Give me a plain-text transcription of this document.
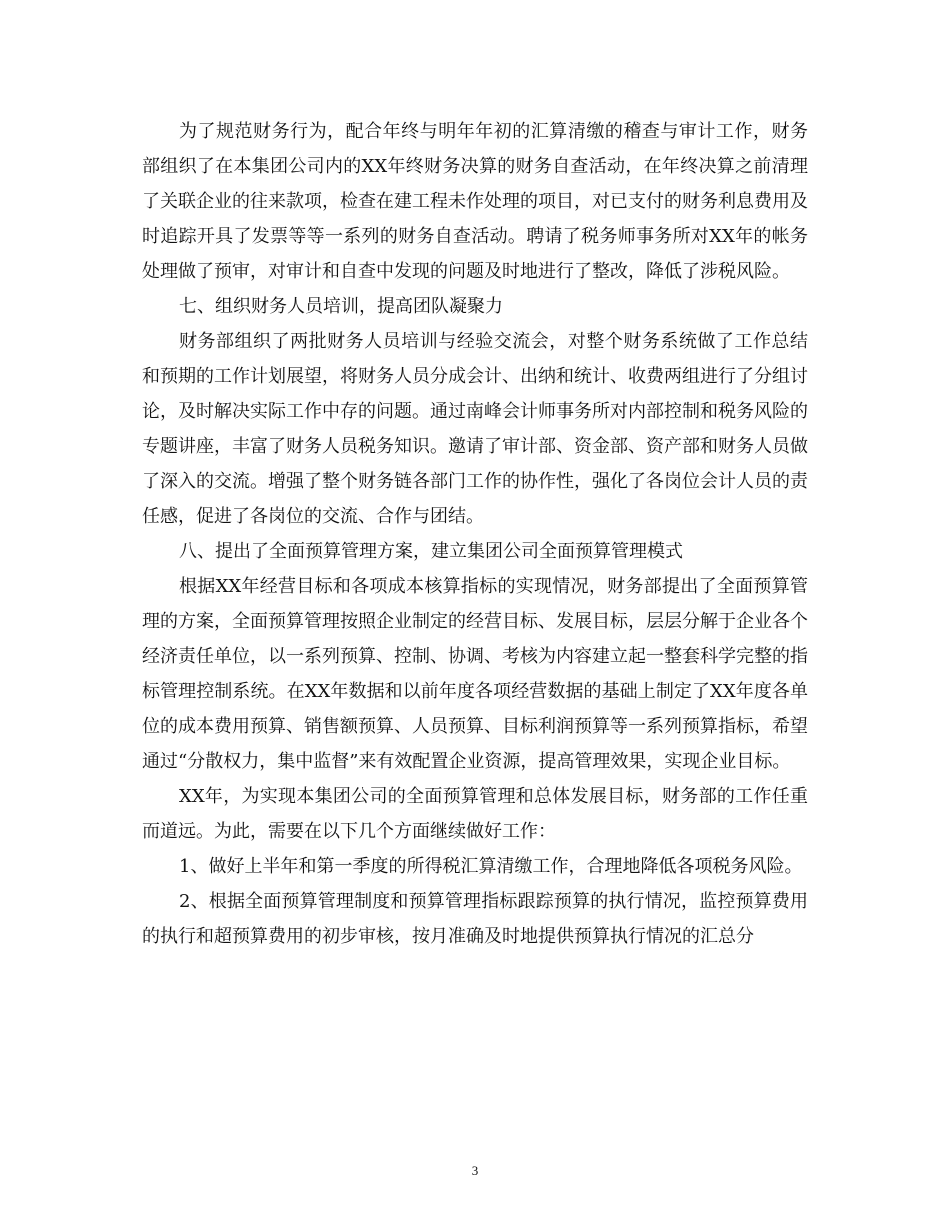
为了规范财务行为，配合年终与明年年初的汇算清缴的稽查与审计工作，财务部组织了在本集团公司内的XX年终财务决算的财务自查活动，在年终决算之前清理了关联企业的往来款项，检查在建工程未作处理的项目，对已支付的财务利息费用及时追踪开具了发票等等一系列的财务自查活动。聘请了税务师事务所对XX年的帐务处理做了预审，对审计和自查中发现的问题及时地进行了整改，降低了涉税风险。

七、组织财务人员培训，提高团队凝聚力

财务部组织了两批财务人员培训与经验交流会，对整个财务系统做了工作总结和预期的工作计划展望，将财务人员分成会计、出纳和统计、收费两组进行了分组讨论，及时解决实际工作中存的问题。通过南峰会计师事务所对内部控制和税务风险的专题讲座，丰富了财务人员税务知识。邀请了审计部、资金部、资产部和财务人员做了深入的交流。增强了整个财务链各部门工作的协作性，强化了各岗位会计人员的责任感，促进了各岗位的交流、合作与团结。

八、提出了全面预算管理方案，建立集团公司全面预算管理模式

根据XX年经营目标和各项成本核算指标的实现情况，财务部提出了全面预算管理的方案，全面预算管理按照企业制定的经营目标、发展目标，层层分解于企业各个经济责任单位，以一系列预算、控制、协调、考核为内容建立起一整套科学完整的指标管理控制系统。在XX年数据和以前年度各项经营数据的基础上制定了XX年度各单位的成本费用预算、销售额预算、人员预算、目标利润预算等一系列预算指标，希望通过“分散权力，集中监督”来有效配置企业资源，提高管理效果，实现企业目标。

XX年，为实现本集团公司的全面预算管理和总体发展目标，财务部的工作任重而道远。为此，需要在以下几个方面继续做好工作：

1、做好上半年和第一季度的所得税汇算清缴工作，合理地降低各项税务风险。

2、根据全面预算管理制度和预算管理指标跟踪预算的执行情况，监控预算费用的执行和超预算费用的初步审核，按月准确及时地提供预算执行情况的汇总分

3
